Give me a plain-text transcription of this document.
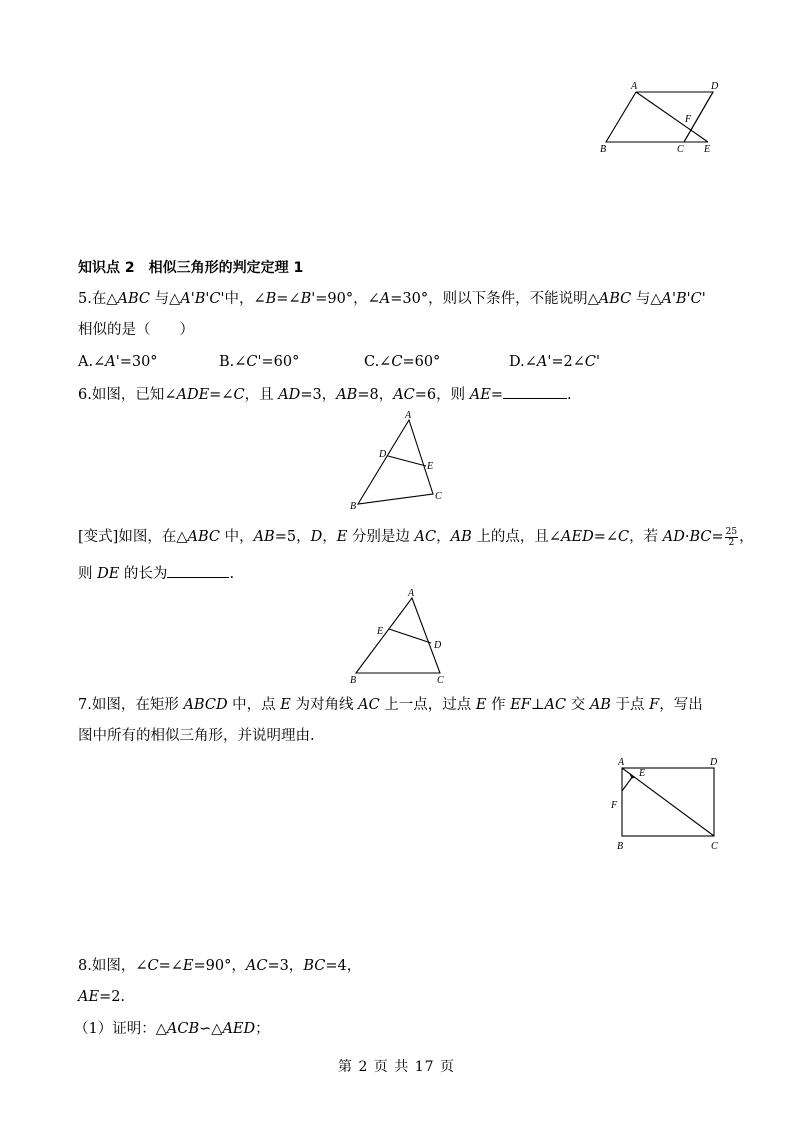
A	D
F
B	C E
知识点 2　相似三角形的判定定理 1
5.在△ABC 与△A'B'C'中，∠B=∠B'=90°，∠A=30°，则以下条件，不能说明△ABC 与△A'B'C'
相似的是（　　）
A.∠A'=30°	B.∠C'=60°	C.∠C=60°	D.∠A'=2∠C'
6.如图，已知∠ADE=∠C，且 AD=3，AB=8，AC=6，则 AE=	.
A
D
E
B
C
[变式]如图，在△ABC 中，AB=5，D，E 分别是边 AC，AB 上的点，且∠AED=∠C，若 $AD\cdot BC= \frac{25}{2}$ ，
则 DE 的长为	.
A
E
D
B	C
7.如图，在矩形 ABCD 中，点 E 为对角线 AC 上一点，过点 E 作 EF⊥AC 交 AB 于点 F，写出
图中所有的相似三角形，并说明理由.
A
E
D
F
B	C
8.如图，∠C=∠E=90°，AC=3，BC=4，
AE=2.
（1）证明：△ACB∽△AED；
第 2 页 共 17 页
